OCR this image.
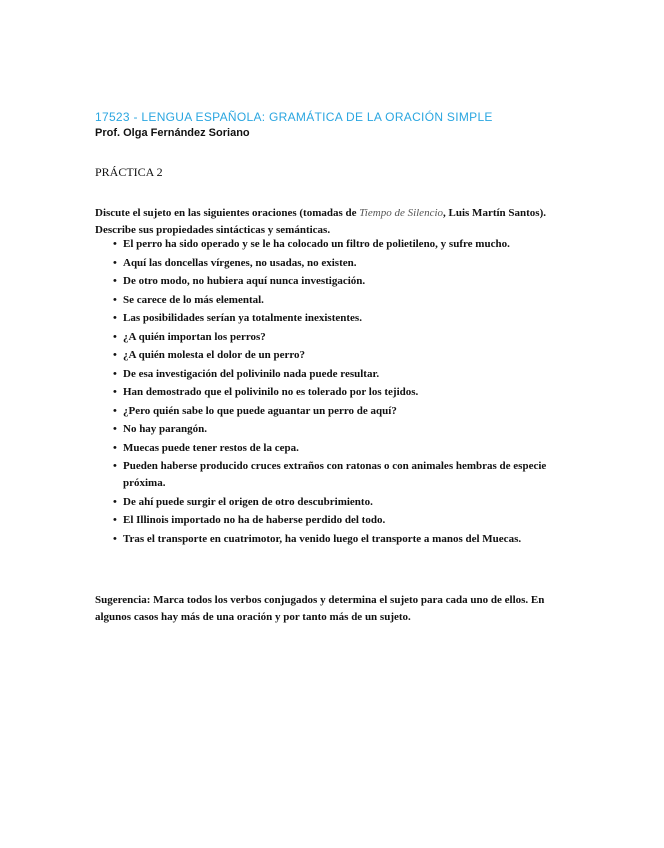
17523 - LENGUA ESPAÑOLA: GRAMÁTICA DE LA ORACIÓN SIMPLE
Prof. Olga Fernández Soriano
PRÁCTICA 2
Discute el sujeto en las siguientes oraciones (tomadas de Tiempo de Silencio, Luis Martín Santos). Describe sus propiedades sintácticas y semánticas.
• El perro ha sido operado y se le ha colocado un filtro de polietileno, y sufre mucho.
• Aquí las doncellas vírgenes, no usadas, no existen.
• De otro modo, no hubiera aquí nunca investigación.
• Se carece de lo más elemental.
• Las posibilidades serían ya totalmente inexistentes.
• ¿A quién importan los perros?
• ¿A quién molesta el dolor de un perro?
• De esa investigación del polivinilo nada puede resultar.
• Han demostrado que el polivinilo no es tolerado por los tejidos.
• ¿Pero quién sabe lo que puede aguantar un perro de aquí?
• No hay parangón.
• Muecas puede tener restos de la cepa.
• Pueden haberse producido cruces extraños con ratonas o con animales hembras de especie próxima.
• De ahí puede surgir el origen de otro descubrimiento.
• El Illinois importado no ha de haberse perdido del todo.
• Tras el transporte en cuatrimotor, ha venido luego el transporte a manos del Muecas.
Sugerencia: Marca todos los verbos conjugados y determina el sujeto para cada uno de ellos. En algunos casos hay más de una oración y por tanto más de un sujeto.
